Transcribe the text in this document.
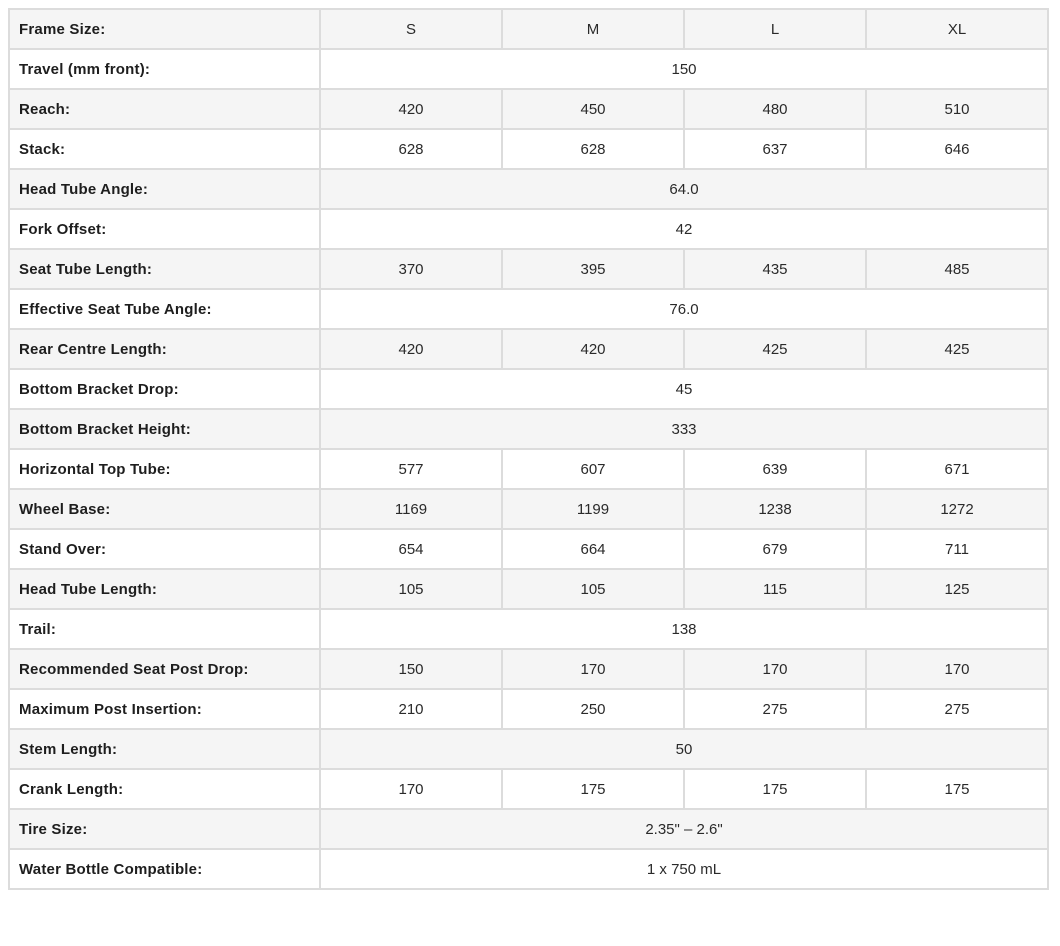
Frame Size:	S	M	L	XL
Travel (mm front):	150			
Reach:	420	450	480	510
Stack:	628	628	637	646
Head Tube Angle:	64.0			
Fork Offset:	42			
Seat Tube Length:	370	395	435	485
Effective Seat Tube Angle:	76.0			
Rear Centre Length:	420	420	425	425
Bottom Bracket Drop:	45			
Bottom Bracket Height:	333			
Horizontal Top Tube:	577	607	639	671
Wheel Base:	1169	1199	1238	1272
Stand Over:	654	664	679	711
Head Tube Length:	105	105	115	125
Trail:	138			
Recommended Seat Post Drop:	150	170	170	170
Maximum Post Insertion:	210	250	275	275
Stem Length:	50			
Crank Length:	170	175	175	175
Tire Size:	2.35" – 2.6"			
Water Bottle Compatible:	1 x 750 mL			
